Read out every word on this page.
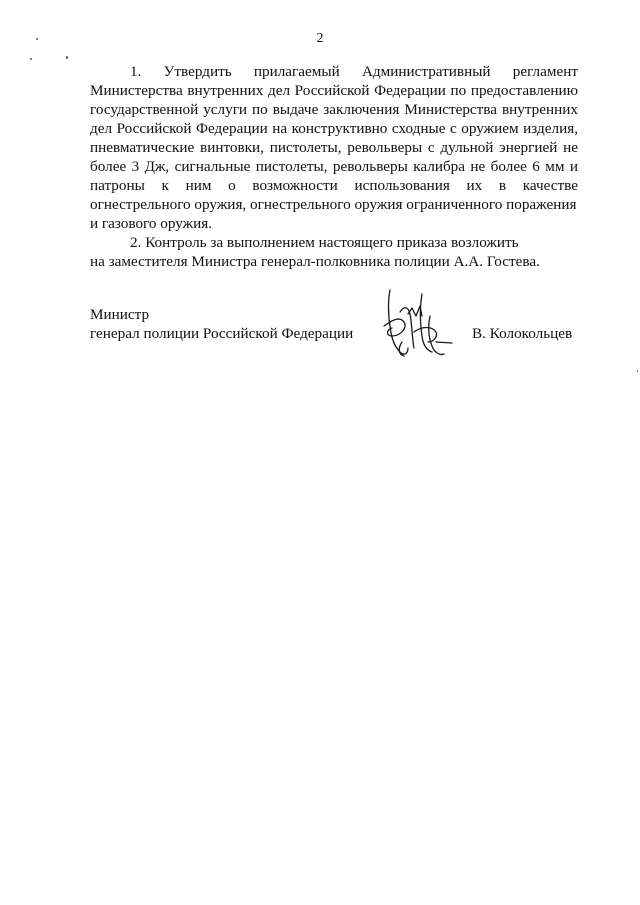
2

1. Утвердить прилагаемый Административный регламент Министерства внутренних дел Российской Федерации по предоставлению государственной услуги по выдаче заключения Министерства внутренних дел Российской Федерации на конструктивно сходные с оружием изделия, пневматические винтовки, пистолеты, револьверы с дульной энергией не более 3 Дж, сигнальные пистолеты, револьверы калибра не более 6 мм и патроны к ним о возможности использования их в качестве огнестрельного оружия, огнестрельного оружия ограниченного поражения

и газового оружия.

2. Контроль за выполнением настоящего приказа возложить

на заместителя Министра генерал-полковника полиции А.А. Гостева.

Министр
генерал полиции Российской Федерации	В. Колокольцев
